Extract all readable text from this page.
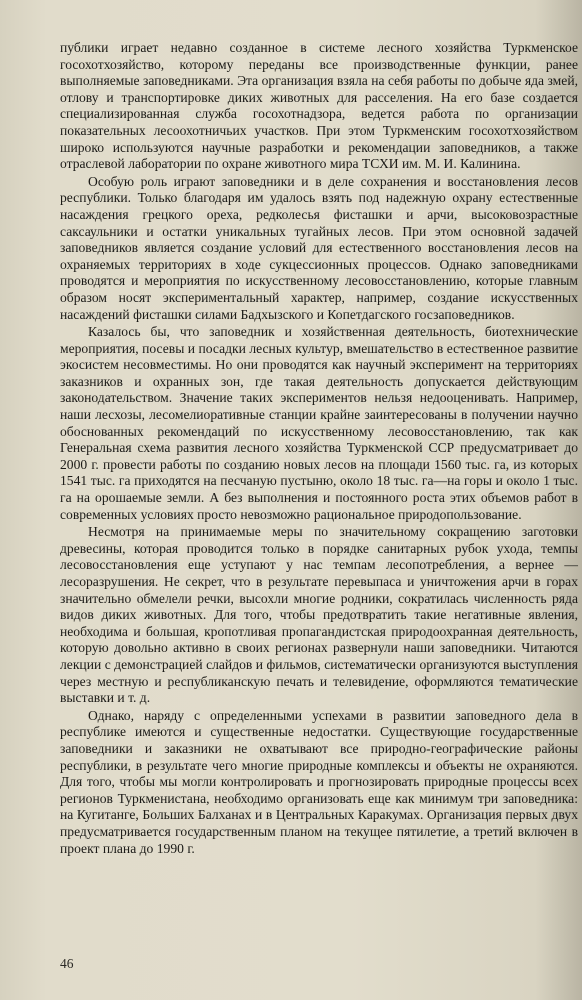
публики играет недавно созданное в системе лесного хозяйства Туркменское госохотхозяйство, которому переданы все производственные функции, ранее выполняемые заповедниками. Эта организация взяла на себя работы по добыче яда змей, отлову и транспортировке диких животных для расселения. На его базе создается специализированная служба госохотнадзора, ведется работа по организации показательных лесоохотничьих участков. При этом Туркменским госохотхозяйством широко используются научные разработки и рекомендации заповедников, а также отраслевой лаборатории по охране животного мира ТСХИ им. М. И. Калинина.

Особую роль играют заповедники и в деле сохранения и восстановления лесов республики. Только благодаря им удалось взять под надежную охрану естественные насаждения грецкого ореха, редколесья фисташки и арчи, высоковозрастные саксаульники и остатки уникальных тугайных лесов. При этом основной задачей заповедников является создание условий для естественного восстановления лесов на охраняемых территориях в ходе сукцессионных процессов. Однако заповедниками проводятся и мероприятия по искусственному лесовосстановлению, которые главным образом носят экспериментальный характер, например, создание искусственных насаждений фисташки силами Бадхызского и Копетдагского госзаповедников.

Казалось бы, что заповедник и хозяйственная деятельность, биотехнические мероприятия, посевы и посадки лесных культур, вмешательство в естественное развитие экосистем несовместимы. Но они проводятся как научный эксперимент на территориях заказников и охранных зон, где такая деятельность допускается действующим законодательством. Значение таких экспериментов нельзя недооценивать. Например, наши лесхозы, лесомелиоративные станции крайне заинтересованы в получении научно обоснованных рекомендаций по искусственному лесовосстановлению, так как Генеральная схема развития лесного хозяйства Туркменской ССР предусматривает до 2000 г. провести работы по созданию новых лесов на площади 1560 тыс. га, из которых 1541 тыс. га приходятся на песчаную пустыню, около 18 тыс. га—на горы и около 1 тыс. га на орошаемые земли. А без выполнения и постоянного роста этих объемов работ в современных условиях просто невозможно рациональное природопользование.

Несмотря на принимаемые меры по значительному сокращению заготовки древесины, которая проводится только в порядке санитарных рубок ухода, темпы лесовосстановления еще уступают у нас темпам лесопотребления, а вернее — лесоразрушения. Не секрет, что в результате перевыпаса и уничтожения арчи в горах значительно обмелели речки, высохли многие родники, сократилась численность ряда видов диких животных. Для того, чтобы предотвратить такие негативные явления, необходима и большая, кропотливая пропагандистская природоохранная деятельность, которую довольно активно в своих регионах развернули наши заповедники. Читаются лекции с демонстрацией слайдов и фильмов, систематически организуются выступления через местную и республиканскую печать и телевидение, оформляются тематические выставки и т. д.

Однако, наряду с определенными успехами в развитии заповедного дела в республике имеются и существенные недостатки. Существующие государственные заповедники и заказники не охватывают все природно-географические районы республики, в результате чего многие природные комплексы и объекты не охраняются. Для того, чтобы мы могли контролировать и прогнозировать природные процессы всех регионов Туркменистана, необходимо организовать еще как минимум три заповедника: на Кугитанге, Больших Балханах и в Центральных Каракумах. Организация первых двух предусматривается государственным планом на текущее пятилетие, а третий включен в проект плана до 1990 г.

46
